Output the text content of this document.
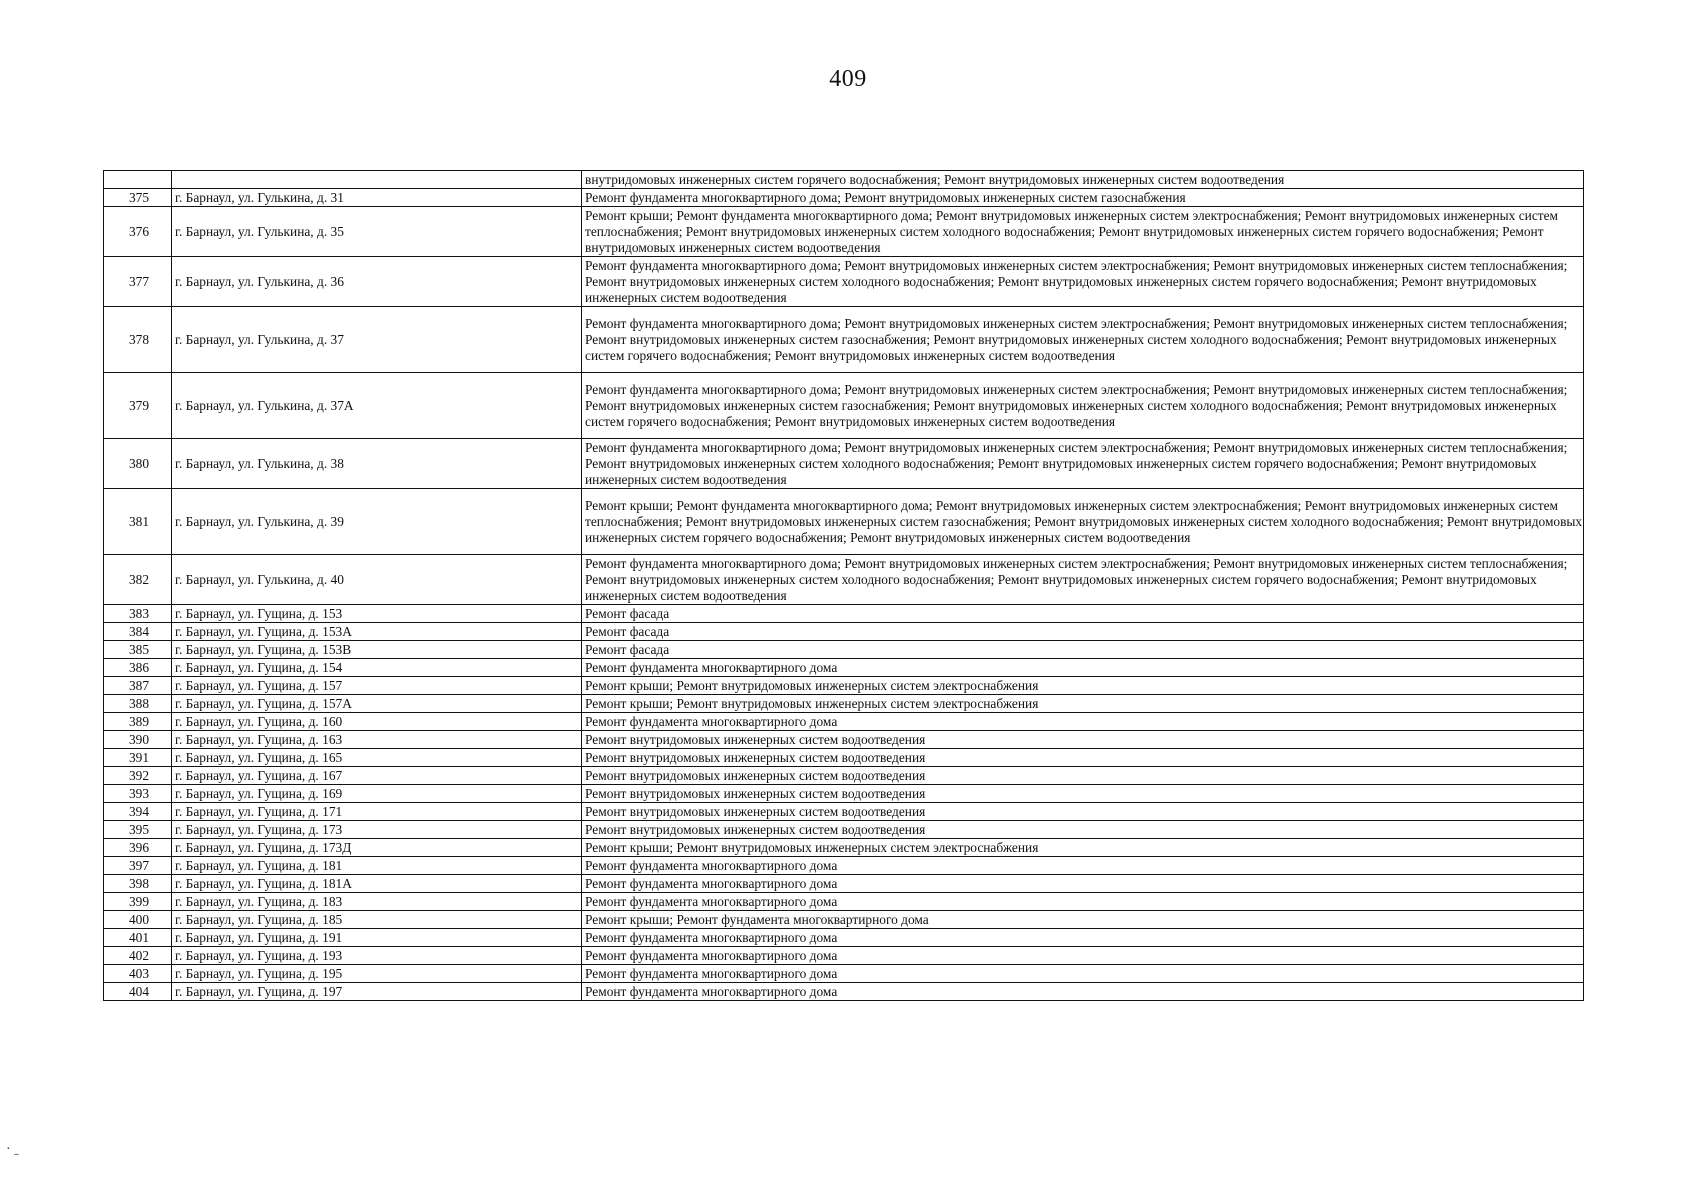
409
		внутридомовых инженерных систем горячего водоснабжения; Ремонт внутридомовых инженерных систем водоотведения
375	г. Барнаул, ул. Гулькина, д. 31	Ремонт фундамента многоквартирного дома; Ремонт внутридомовых инженерных систем газоснабжения
376	г. Барнаул, ул. Гулькина, д. 35	Ремонт крыши; Ремонт фундамента многоквартирного дома; Ремонт внутридомовых инженерных систем электроснабжения; Ремонт внутридомовых инженерных систем теплоснабжения; Ремонт внутридомовых инженерных систем холодного водоснабжения; Ремонт внутридомовых инженерных систем горячего водоснабжения; Ремонт внутридомовых инженерных систем водоотведения
377	г. Барнаул, ул. Гулькина, д. 36	Ремонт фундамента многоквартирного дома; Ремонт внутридомовых инженерных систем электроснабжения; Ремонт внутридомовых инженерных систем теплоснабжения; Ремонт внутридомовых инженерных систем холодного водоснабжения; Ремонт внутридомовых инженерных систем горячего водоснабжения; Ремонт внутридомовых инженерных систем водоотведения
378	г. Барнаул, ул. Гулькина, д. 37	Ремонт фундамента многоквартирного дома; Ремонт внутридомовых инженерных систем электроснабжения; Ремонт внутридомовых инженерных систем теплоснабжения; Ремонт внутридомовых инженерных систем газоснабжения; Ремонт внутридомовых инженерных систем холодного водоснабжения; Ремонт внутридомовых инженерных систем горячего водоснабжения; Ремонт внутридомовых инженерных систем водоотведения
379	г. Барнаул, ул. Гулькина, д. 37А	Ремонт фундамента многоквартирного дома; Ремонт внутридомовых инженерных систем электроснабжения; Ремонт внутридомовых инженерных систем теплоснабжения; Ремонт внутридомовых инженерных систем газоснабжения; Ремонт внутридомовых инженерных систем холодного водоснабжения; Ремонт внутридомовых инженерных систем горячего водоснабжения; Ремонт внутридомовых инженерных систем водоотведения
380	г. Барнаул, ул. Гулькина, д. 38	Ремонт фундамента многоквартирного дома; Ремонт внутридомовых инженерных систем электроснабжения; Ремонт внутридомовых инженерных систем теплоснабжения; Ремонт внутридомовых инженерных систем холодного водоснабжения; Ремонт внутридомовых инженерных систем горячего водоснабжения; Ремонт внутридомовых инженерных систем водоотведения
381	г. Барнаул, ул. Гулькина, д. 39	Ремонт крыши; Ремонт фундамента многоквартирного дома; Ремонт внутридомовых инженерных систем электроснабжения; Ремонт внутридомовых инженерных систем теплоснабжения; Ремонт внутридомовых инженерных систем газоснабжения; Ремонт внутридомовых инженерных систем холодного водоснабжения; Ремонт внутридомовых инженерных систем горячего водоснабжения; Ремонт внутридомовых инженерных систем водоотведения
382	г. Барнаул, ул. Гулькина, д. 40	Ремонт фундамента многоквартирного дома; Ремонт внутридомовых инженерных систем электроснабжения; Ремонт внутридомовых инженерных систем теплоснабжения; Ремонт внутридомовых инженерных систем холодного водоснабжения; Ремонт внутридомовых инженерных систем горячего водоснабжения; Ремонт внутридомовых инженерных систем водоотведения
383	г. Барнаул, ул. Гущина, д. 153	Ремонт фасада
384	г. Барнаул, ул. Гущина, д. 153А	Ремонт фасада
385	г. Барнаул, ул. Гущина, д. 153В	Ремонт фасада
386	г. Барнаул, ул. Гущина, д. 154	Ремонт фундамента многоквартирного дома
387	г. Барнаул, ул. Гущина, д. 157	Ремонт крыши; Ремонт внутридомовых инженерных систем электроснабжения
388	г. Барнаул, ул. Гущина, д. 157А	Ремонт крыши; Ремонт внутридомовых инженерных систем электроснабжения
389	г. Барнаул, ул. Гущина, д. 160	Ремонт фундамента многоквартирного дома
390	г. Барнаул, ул. Гущина, д. 163	Ремонт внутридомовых инженерных систем водоотведения
391	г. Барнаул, ул. Гущина, д. 165	Ремонт внутридомовых инженерных систем водоотведения
392	г. Барнаул, ул. Гущина, д. 167	Ремонт внутридомовых инженерных систем водоотведения
393	г. Барнаул, ул. Гущина, д. 169	Ремонт внутридомовых инженерных систем водоотведения
394	г. Барнаул, ул. Гущина, д. 171	Ремонт внутридомовых инженерных систем водоотведения
395	г. Барнаул, ул. Гущина, д. 173	Ремонт внутридомовых инженерных систем водоотведения
396	г. Барнаул, ул. Гущина, д. 173Д	Ремонт крыши; Ремонт внутридомовых инженерных систем электроснабжения
397	г. Барнаул, ул. Гущина, д. 181	Ремонт фундамента многоквартирного дома
398	г. Барнаул, ул. Гущина, д. 181А	Ремонт фундамента многоквартирного дома
399	г. Барнаул, ул. Гущина, д. 183	Ремонт фундамента многоквартирного дома
400	г. Барнаул, ул. Гущина, д. 185	Ремонт крыши; Ремонт фундамента многоквартирного дома
401	г. Барнаул, ул. Гущина, д. 191	Ремонт фундамента многоквартирного дома
402	г. Барнаул, ул. Гущина, д. 193	Ремонт фундамента многоквартирного дома
403	г. Барнаул, ул. Гущина, д. 195	Ремонт фундамента многоквартирного дома
404	г. Барнаул, ул. Гущина, д. 197	Ремонт фундамента многоквартирного дома
· ˍ
